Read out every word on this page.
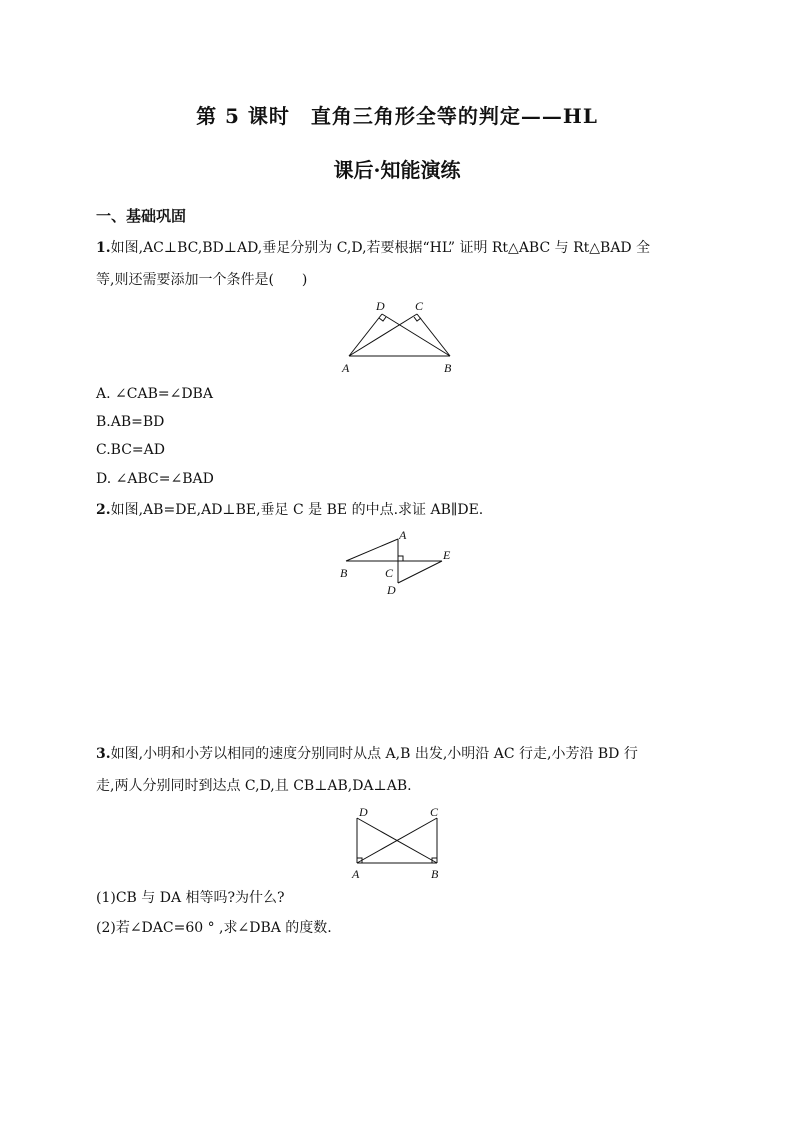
第 5 课时　直角三角形全等的判定——HL
课后·知能演练
一、基础巩固
1.如图,AC⊥BC,BD⊥AD,垂足分别为 C,D,若要根据“HL” 证明 Rt△ABC 与 Rt△BAD 全
等,则还需要添加一个条件是(　　)
D	C
A	B
A. ∠CAB=∠DBA
B.AB=BD
C.BC=AD
D. ∠ABC=∠BAD
2.如图,AB=DE,AD⊥BE,垂足 C 是 BE 的中点.求证 AB∥DE.
A
E
B	C
D
3.如图,小明和小芳以相同的速度分别同时从点 A,B 出发,小明沿 AC 行走,小芳沿 BD 行
走,两人分别同时到达点 C,D,且 CB⊥AB,DA⊥AB.
D	C
A	B
(1)CB 与 DA 相等吗?为什么?
(2)若∠DAC=60 ° ,求∠DBA 的度数.
